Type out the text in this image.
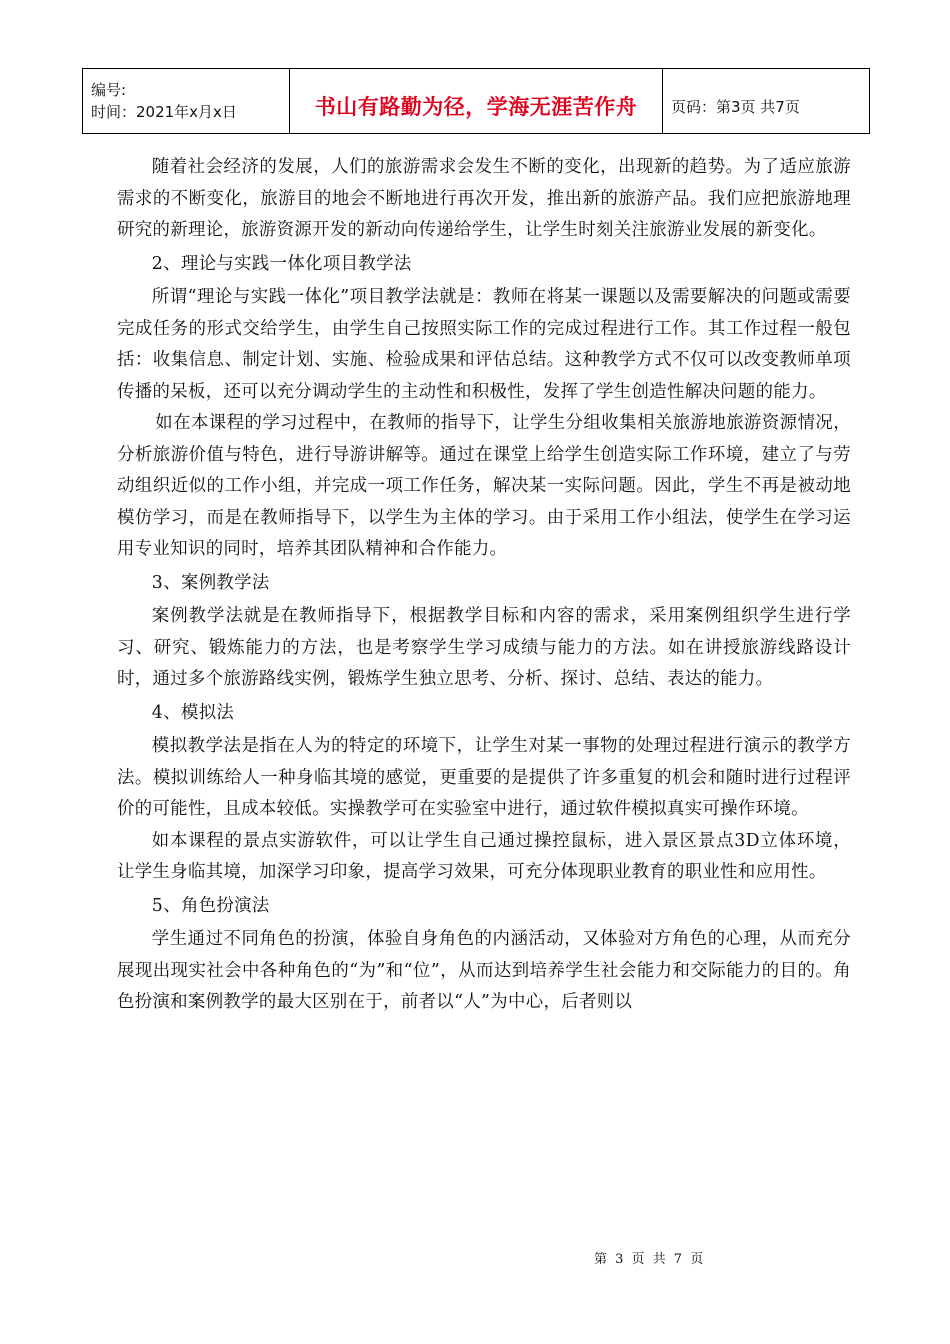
编号:
时间：2021年x月x日	书山有路勤为径，学海无涯苦作舟	页码：第3页 共7页

随着社会经济的发展，人们的旅游需求会发生不断的变化，出现新的趋势。为了适应旅游需求的不断变化，旅游目的地会不断地进行再次开发，推出新的旅游产品。我们应把旅游地理研究的新理论，旅游资源开发的新动向传递给学生，让学生时刻关注旅游业发展的新变化。

2、理论与实践一体化项目教学法

所谓“理论与实践一体化”项目教学法就是：教师在将某一课题以及需要解决的问题或需要完成任务的形式交给学生，由学生自己按照实际工作的完成过程进行工作。其工作过程一般包括：收集信息、制定计划、实施、检验成果和评估总结。这种教学方式不仅可以改变教师单项传播的呆板，还可以充分调动学生的主动性和积极性，发挥了学生创造性解决问题的能力。

如在本课程的学习过程中，在教师的指导下，让学生分组收集相关旅游地旅游资源情况，分析旅游价值与特色，进行导游讲解等。通过在课堂上给学生创造实际工作环境，建立了与劳动组织近似的工作小组，并完成一项工作任务，解决某一实际问题。因此，学生不再是被动地模仿学习，而是在教师指导下，以学生为主体的学习。由于采用工作小组法，使学生在学习运用专业知识的同时，培养其团队精神和合作能力。

3、案例教学法

案例教学法就是在教师指导下，根据教学目标和内容的需求，采用案例组织学生进行学习、研究、锻炼能力的方法，也是考察学生学习成绩与能力的方法。如在讲授旅游线路设计时，通过多个旅游路线实例，锻炼学生独立思考、分析、探讨、总结、表达的能力。

4、模拟法

模拟教学法是指在人为的特定的环境下，让学生对某一事物的处理过程进行演示的教学方法。模拟训练给人一种身临其境的感觉，更重要的是提供了许多重复的机会和随时进行过程评价的可能性，且成本较低。实操教学可在实验室中进行，通过软件模拟真实可操作环境。

如本课程的景点实游软件，可以让学生自己通过操控鼠标，进入景区景点3D立体环境，让学生身临其境，加深学习印象，提高学习效果，可充分体现职业教育的职业性和应用性。

5、角色扮演法

学生通过不同角色的扮演，体验自身角色的内涵活动，又体验对方角色的心理，从而充分展现出现实社会中各种角色的“为”和“位”，从而达到培养学生社会能力和交际能力的目的。角色扮演和案例教学的最大区别在于，前者以“人”为中心，后者则以

第 3 页 共 7 页
